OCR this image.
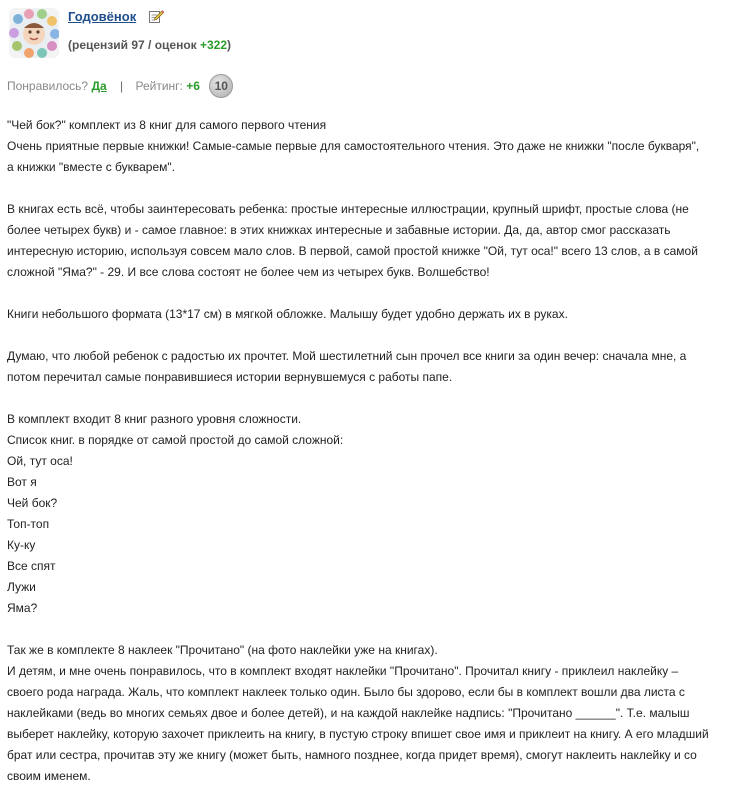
Годовёнок
(рецензий 97 / оценок +322)
Понравилось? Да | Рейтинг: +6 10

"Чей бок?" комплект из 8 книг для самого первого чтения

Очень приятные первые книжки! Самые-самые первые для самостоятельного чтения. Это даже не книжки "после букваря",

а книжки "вместе с букварем".

В книгах есть всё, чтобы заинтересовать ребенка: простые интересные иллюстрации, крупный шрифт, простые слова (не

более четырех букв) и - самое главное: в этих книжках интересные и забавные истории. Да, да, автор смог рассказать

интересную историю, используя совсем мало слов. В первой, самой простой книжке "Ой, тут оса!" всего 13 слов, а в самой

сложной "Яма?" - 29. И все слова состоят не более чем из четырех букв. Волшебство!

Книги небольшого формата (13*17 см) в мягкой обложке. Малышу будет удобно держать их в руках.

Думаю, что любой ребенок с радостью их прочтет. Мой шестилетний сын прочел все книги за один вечер: сначала мне, а

потом перечитал самые понравившиеся истории вернувшемуся с работы папе.

В комплект входит 8 книг разного уровня сложности.

Список книг. в порядке от самой простой до самой сложной:

Ой, тут оса!

Вот я

Чей бок?

Топ-топ

Ку-ку

Все спят

Лужи

Яма?

Так же в комплекте 8 наклеек "Прочитано" (на фото наклейки уже на книгах).

И детям, и мне очень понравилось, что в комплект входят наклейки "Прочитано". Прочитал книгу - приклеил наклейку –

своего рода награда. Жаль, что комплект наклеек только один. Было бы здорово, если бы в комплект вошли два листа с

наклейками (ведь во многих семьях двое и более детей), и на каждой наклейке надпись: "Прочитано ______". Т.е. малыш

выберет наклейку, которую захочет приклеить на книгу, в пустую строку впишет свое имя и приклеит на книгу. А его младший

брат или сестра, прочитав эту же книгу (может быть, намного позднее, когда придет время), смогут наклеить наклейку и со

своим именем.
